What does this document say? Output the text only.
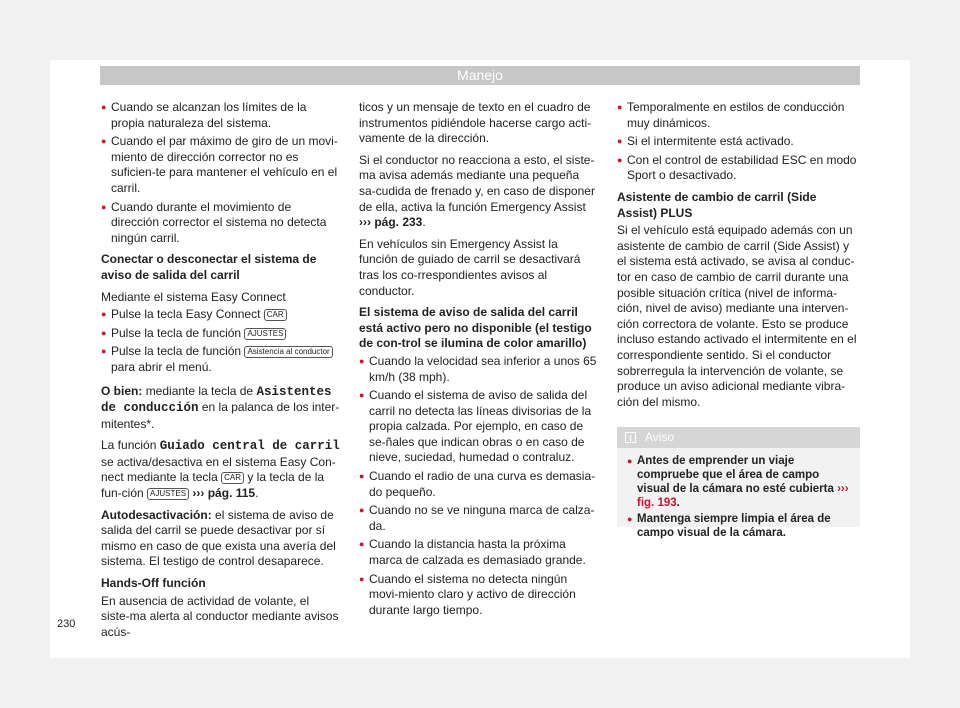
Manejo
● Cuando se alcanzan los límites de la propia naturaleza del sistema.
● Cuando el par máximo de giro de un movi-miento de dirección corrector no es suficien-te para mantener el vehículo en el carril.
● Cuando durante el movimiento de dirección corrector el sistema no detecta ningún carril.

Conectar o desconectar el sistema de aviso de salida del carril

Mediante el sistema Easy Connect

● Pulse la tecla Easy Connect CAR
● Pulse la tecla de función AJUSTES
● Pulse la tecla de función Asistencia al conductor para abrir el menú.

O bien: mediante la tecla de Asistentes de conducción en la palanca de los inter-mitentes*.

La función Guiado central de carril se activa/desactiva en el sistema Easy Con-nect mediante la tecla CAR y la tecla de la fun-ción AJUSTES ››› pág. 115.

Autodesactivación: el sistema de aviso de salida del carril se puede desactivar por sí mismo en caso de que exista una avería del sistema. El testigo de control desaparece.

Hands-Off función

En ausencia de actividad de volante, el siste-ma alerta al conductor mediante avisos acús-

ticos y un mensaje de texto en el cuadro de instrumentos pidiéndole hacerse cargo acti-vamente de la dirección.

Si el conductor no reacciona a esto, el siste-ma avisa además mediante una pequeña sa-cudida de frenado y, en caso de disponer de ella, activa la función Emergency Assist ››› pág. 233.

En vehículos sin Emergency Assist la función de guiado de carril se desactivará tras los co-rrespondientes avisos al conductor.

El sistema de aviso de salida del carril está activo pero no disponible (el testigo de con-trol se ilumina de color amarillo)

● Cuando la velocidad sea inferior a unos 65 km/h (38 mph).
● Cuando el sistema de aviso de salida del carril no detecta las líneas divisorias de la propia calzada. Por ejemplo, en caso de se-ñales que indican obras o en caso de nieve, suciedad, humedad o contraluz.
● Cuando el radio de una curva es demasia-do pequeño.
● Cuando no se ve ninguna marca de calza-da.
● Cuando la distancia hasta la próxima marca de calzada es demasiado grande.
● Cuando el sistema no detecta ningún movi-miento claro y activo de dirección durante largo tiempo.
● Temporalmente en estilos de conducción muy dinámicos.
● Si el intermitente está activado.
● Con el control de estabilidad ESC en modo Sport o desactivado.

Asistente de cambio de carril (Side Assist) PLUS

Si el vehículo está equipado además con un asistente de cambio de carril (Side Assist) y el sistema está activado, se avisa al conduc-tor en caso de cambio de carril durante una posible situación crítica (nivel de informa-ción, nivel de aviso) mediante una interven-ción correctora de volante. Esto se produce incluso estando activado el intermitente en el correspondiente sentido. Si el conductor sobrerregula la intervención de volante, se produce un aviso adicional mediante vibra-ción del mismo.

i	Aviso
● Antes de emprender un viaje compruebe que el área de campo visual de la cámara no esté cubierta ››› fig. 193.
● Mantenga siempre limpia el área de campo visual de la cámara.
230
